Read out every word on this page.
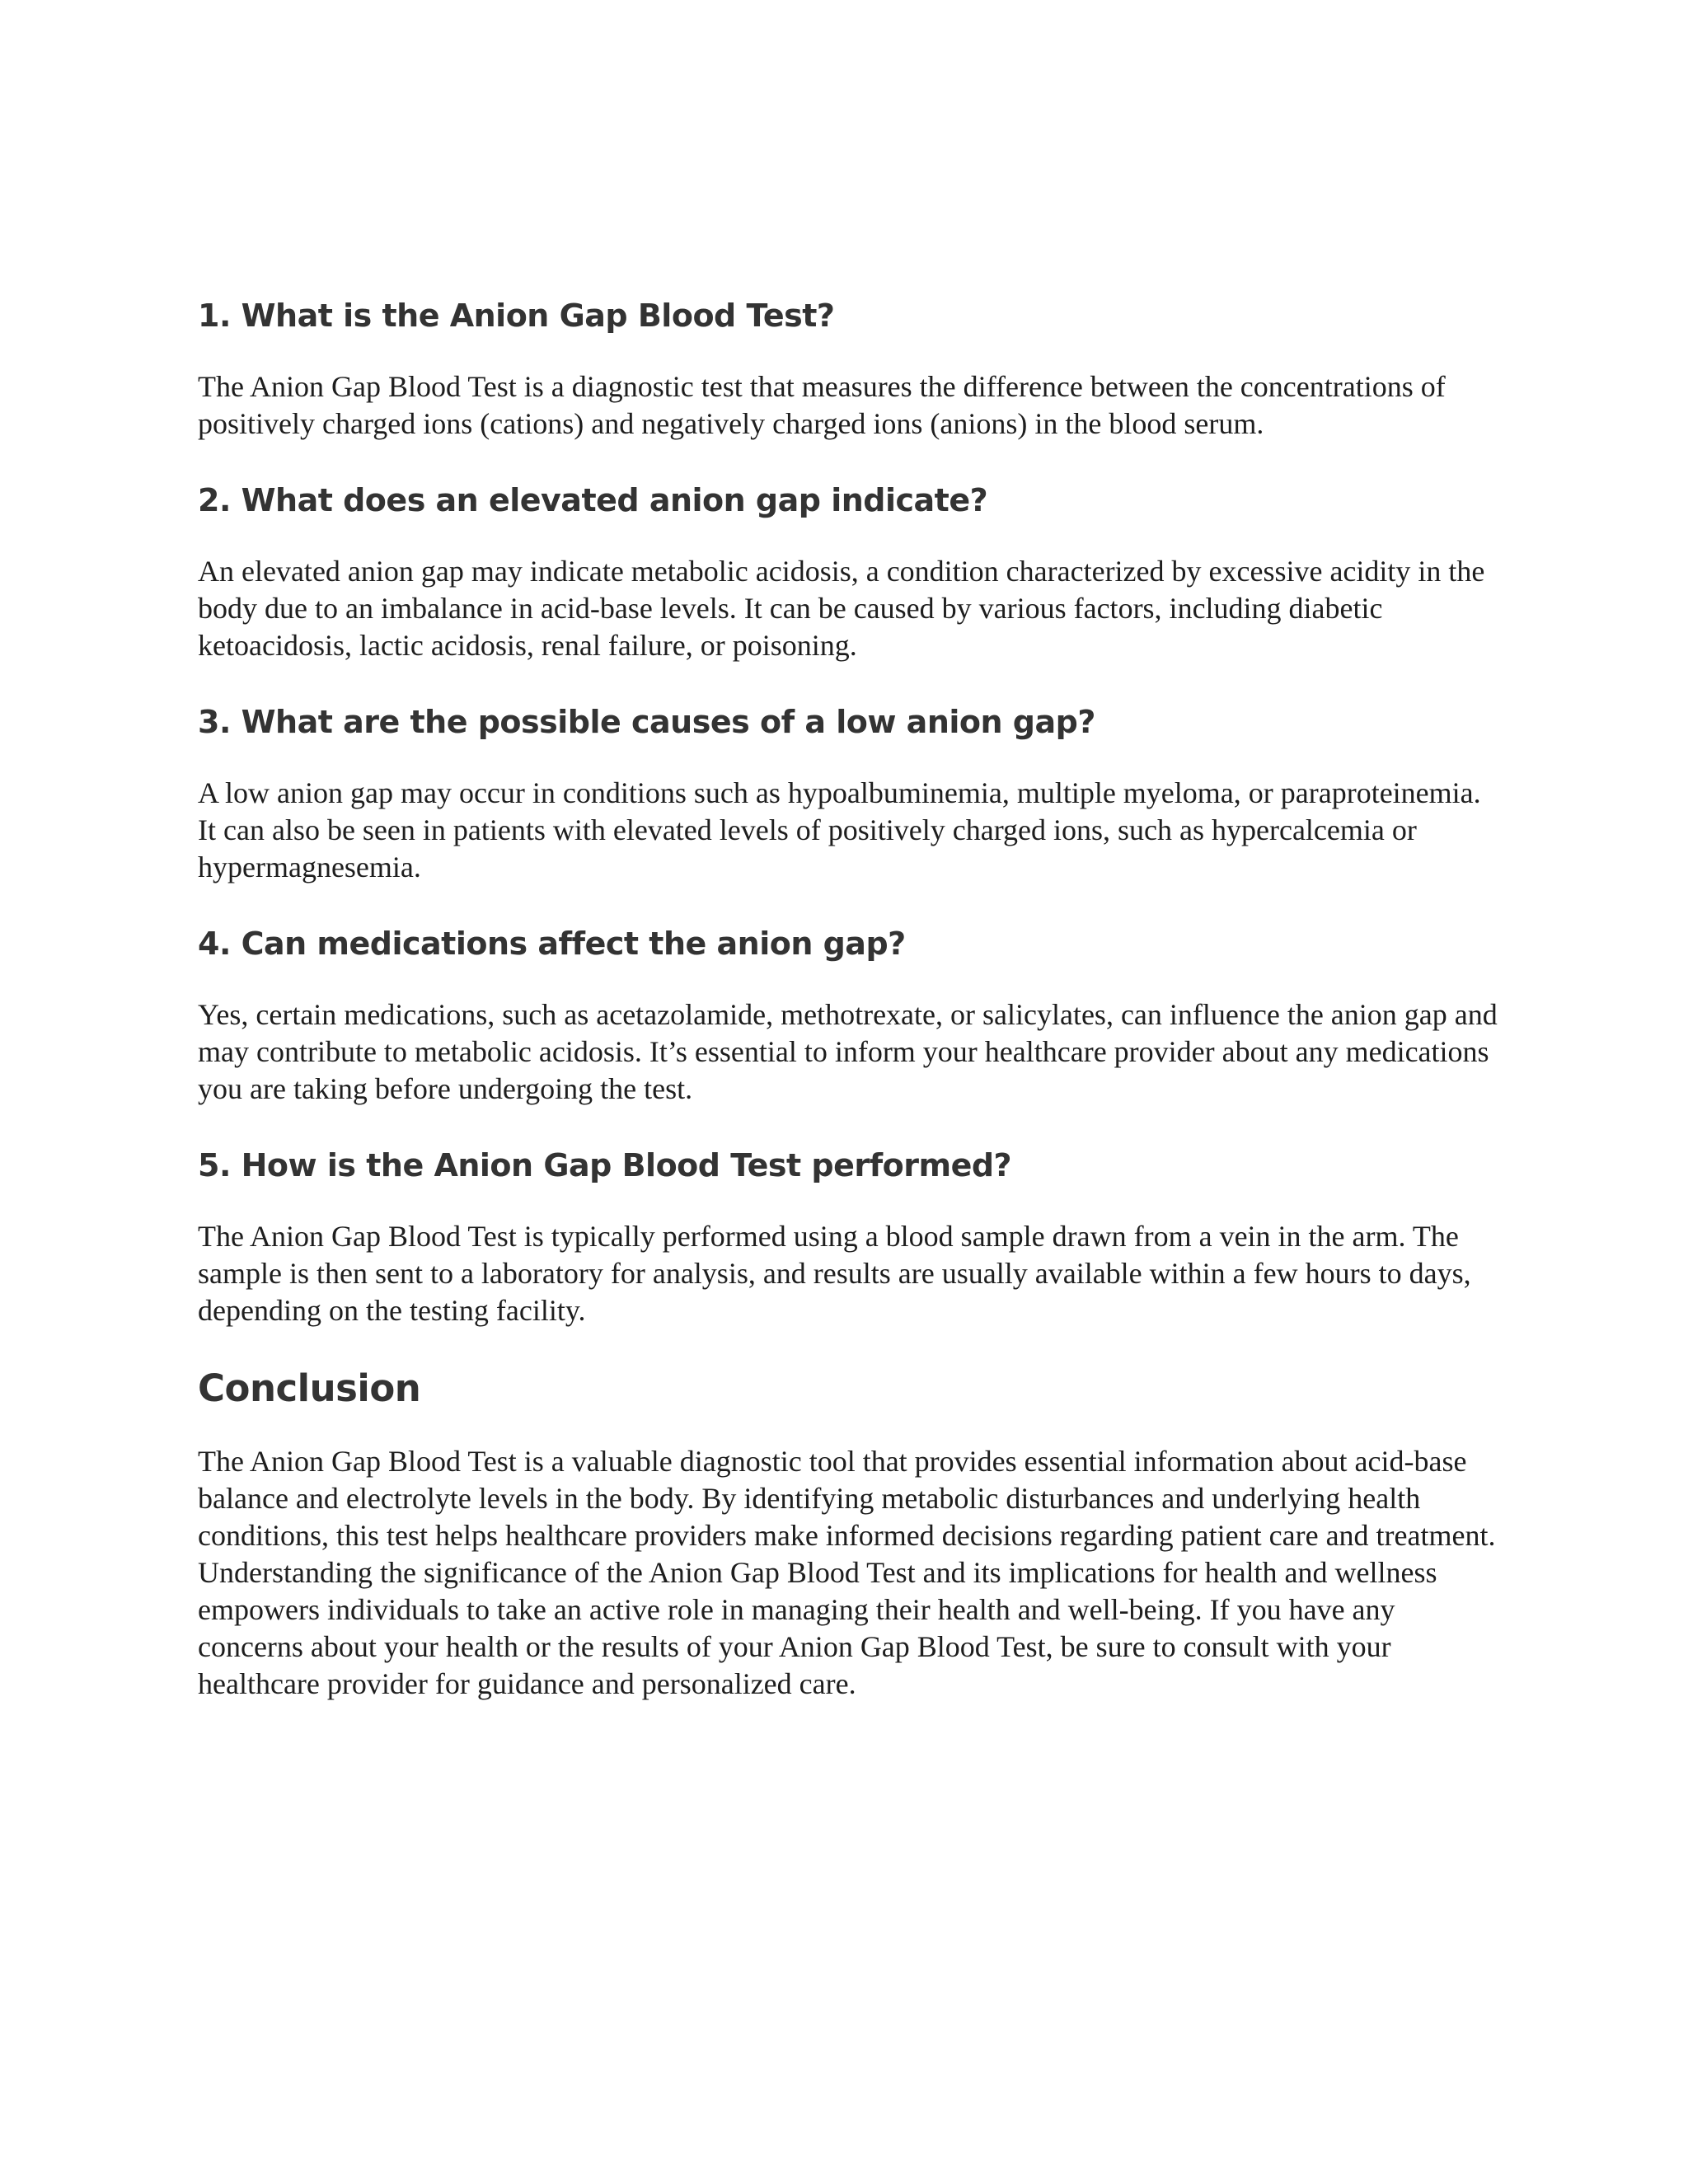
1. What is the Anion Gap Blood Test?

The Anion Gap Blood Test is a diagnostic test that measures the difference between the concentrations of positively charged ions (cations) and negatively charged ions (anions) in the blood serum.

2. What does an elevated anion gap indicate?

An elevated anion gap may indicate metabolic acidosis, a condition characterized by excessive acidity in the body due to an imbalance in acid-base levels. It can be caused by various factors, including diabetic ketoacidosis, lactic acidosis, renal failure, or poisoning.

3. What are the possible causes of a low anion gap?

A low anion gap may occur in conditions such as hypoalbuminemia, multiple myeloma, or paraproteinemia. It can also be seen in patients with elevated levels of positively charged ions, such as hypercalcemia or hypermagnesemia.

4. Can medications affect the anion gap?

Yes, certain medications, such as acetazolamide, methotrexate, or salicylates, can influence the anion gap and may contribute to metabolic acidosis. It’s essential to inform your healthcare provider about any medications you are taking before undergoing the test.

5. How is the Anion Gap Blood Test performed?

The Anion Gap Blood Test is typically performed using a blood sample drawn from a vein in the arm. The sample is then sent to a laboratory for analysis, and results are usually available within a few hours to days, depending on the testing facility.

Conclusion

The Anion Gap Blood Test is a valuable diagnostic tool that provides essential information about acid-base balance and electrolyte levels in the body. By identifying metabolic disturbances and underlying health conditions, this test helps healthcare providers make informed decisions regarding patient care and treatment. Understanding the significance of the Anion Gap Blood Test and its implications for health and wellness empowers individuals to take an active role in managing their health and well-being. If you have any concerns about your health or the results of your Anion Gap Blood Test, be sure to consult with your healthcare provider for guidance and personalized care.
